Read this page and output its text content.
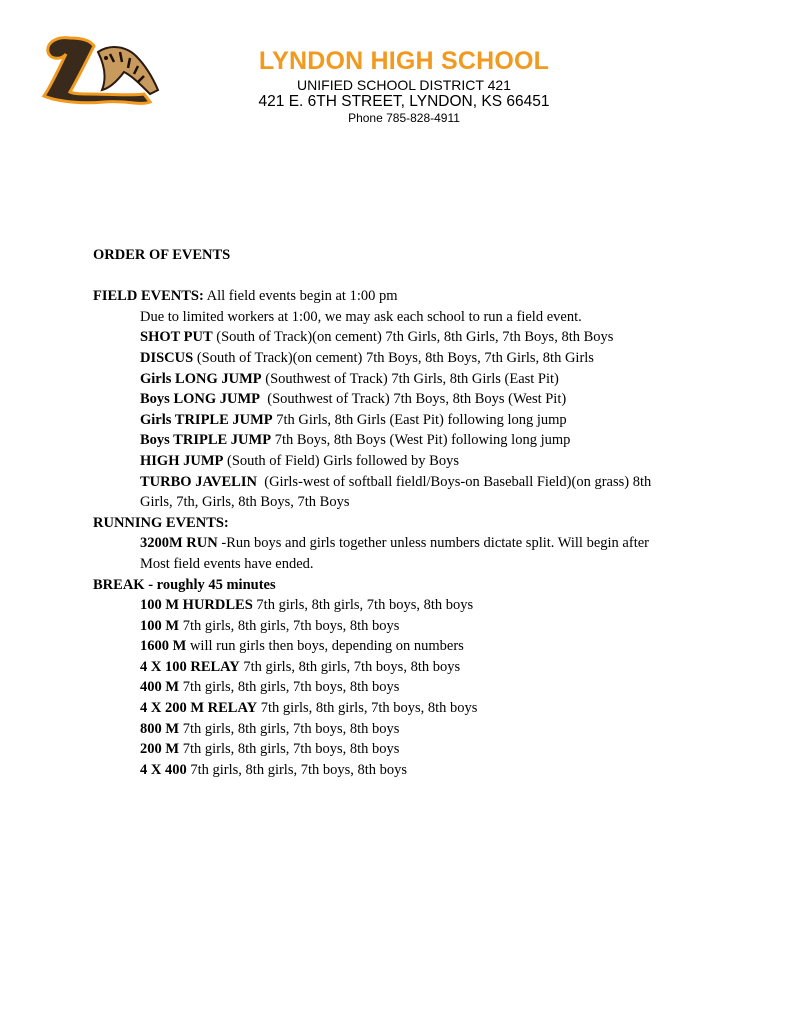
LYNDON HIGH SCHOOL
UNIFIED SCHOOL DISTRICT 421
421 E. 6TH STREET, LYNDON, KS 66451
Phone 785-828-4911
ORDER OF EVENTS
FIELD EVENTS: All field events begin at 1:00 pm
Due to limited workers at 1:00, we may ask each school to run a field event.
SHOT PUT (South of Track)(on cement) 7th Girls, 8th Girls, 7th Boys, 8th Boys
DISCUS (South of Track)(on cement) 7th Boys, 8th Boys, 7th Girls, 8th Girls
Girls LONG JUMP (Southwest of Track) 7th Girls, 8th Girls (East Pit)
Boys LONG JUMP  (Southwest of Track) 7th Boys, 8th Boys (West Pit)
Girls TRIPLE JUMP 7th Girls, 8th Girls (East Pit) following long jump
Boys TRIPLE JUMP 7th Boys, 8th Boys (West Pit) following long jump
HIGH JUMP (South of Field) Girls followed by Boys
TURBO JAVELIN  (Girls-west of softball fieldl/Boys-on Baseball Field)(on grass) 8th
Girls, 7th, Girls, 8th Boys, 7th Boys
RUNNING EVENTS:
3200M RUN -Run boys and girls together unless numbers dictate split. Will begin after
Most field events have ended.
BREAK - roughly 45 minutes
100 M HURDLES 7th girls, 8th girls, 7th boys, 8th boys
100 M 7th girls, 8th girls, 7th boys, 8th boys
1600 M will run girls then boys, depending on numbers
4 X 100 RELAY 7th girls, 8th girls, 7th boys, 8th boys
400 M 7th girls, 8th girls, 7th boys, 8th boys
4 X 200 M RELAY 7th girls, 8th girls, 7th boys, 8th boys
800 M 7th girls, 8th girls, 7th boys, 8th boys
200 M 7th girls, 8th girls, 7th boys, 8th boys
4 X 400 7th girls, 8th girls, 7th boys, 8th boys
